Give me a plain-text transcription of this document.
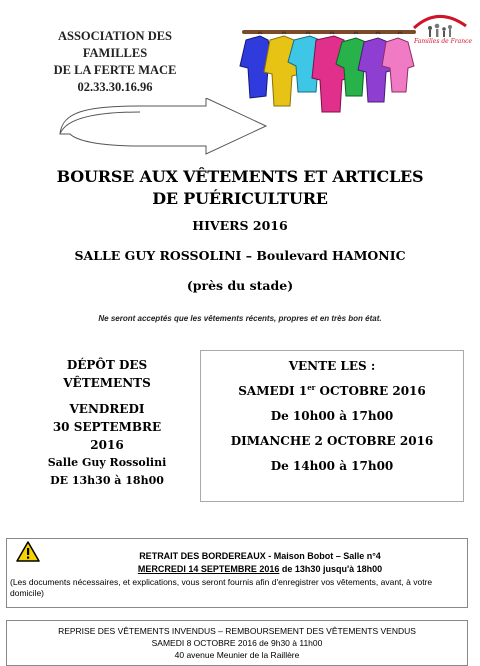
ASSOCIATION DES
FAMILLES
DE LA FERTE MACE
02.33.30.16.96
Familles de France
BOURSE AUX VÊTEMENTS ET ARTICLES
DE PUÉRICULTURE
HIVERS 2016
SALLE GUY ROSSOLINI – Boulevard HAMONIC
(près du stade)
Ne seront acceptés que les vêtements récents, propres et en très bon état.
DÉPÔT DES
VÊTEMENTS
VENDREDI
30 SEPTEMBRE
2016
Salle Guy Rossolini
DE 13h30 à 18h00
VENTE LES :
SAMEDI 1er OCTOBRE 2016
De 10h00 à 17h00
DIMANCHE 2 OCTOBRE 2016
De 14h00 à 17h00
RETRAIT DES BORDEREAUX - Maison Bobot – Salle n°4
MERCREDI 14 SEPTEMBRE 2016 de 13h30 jusqu'à 18h00
(Les documents nécessaires, et explications, vous seront fournis afin d'enregistrer vos vêtements, avant, à votre domicile)
REPRISE DES VÊTEMENTS INVENDUS – REMBOURSEMENT DES VÊTEMENTS VENDUS
SAMEDI 8 OCTOBRE 2016 de 9h30 à 11h00
40 avenue Meunier de la Raillère
